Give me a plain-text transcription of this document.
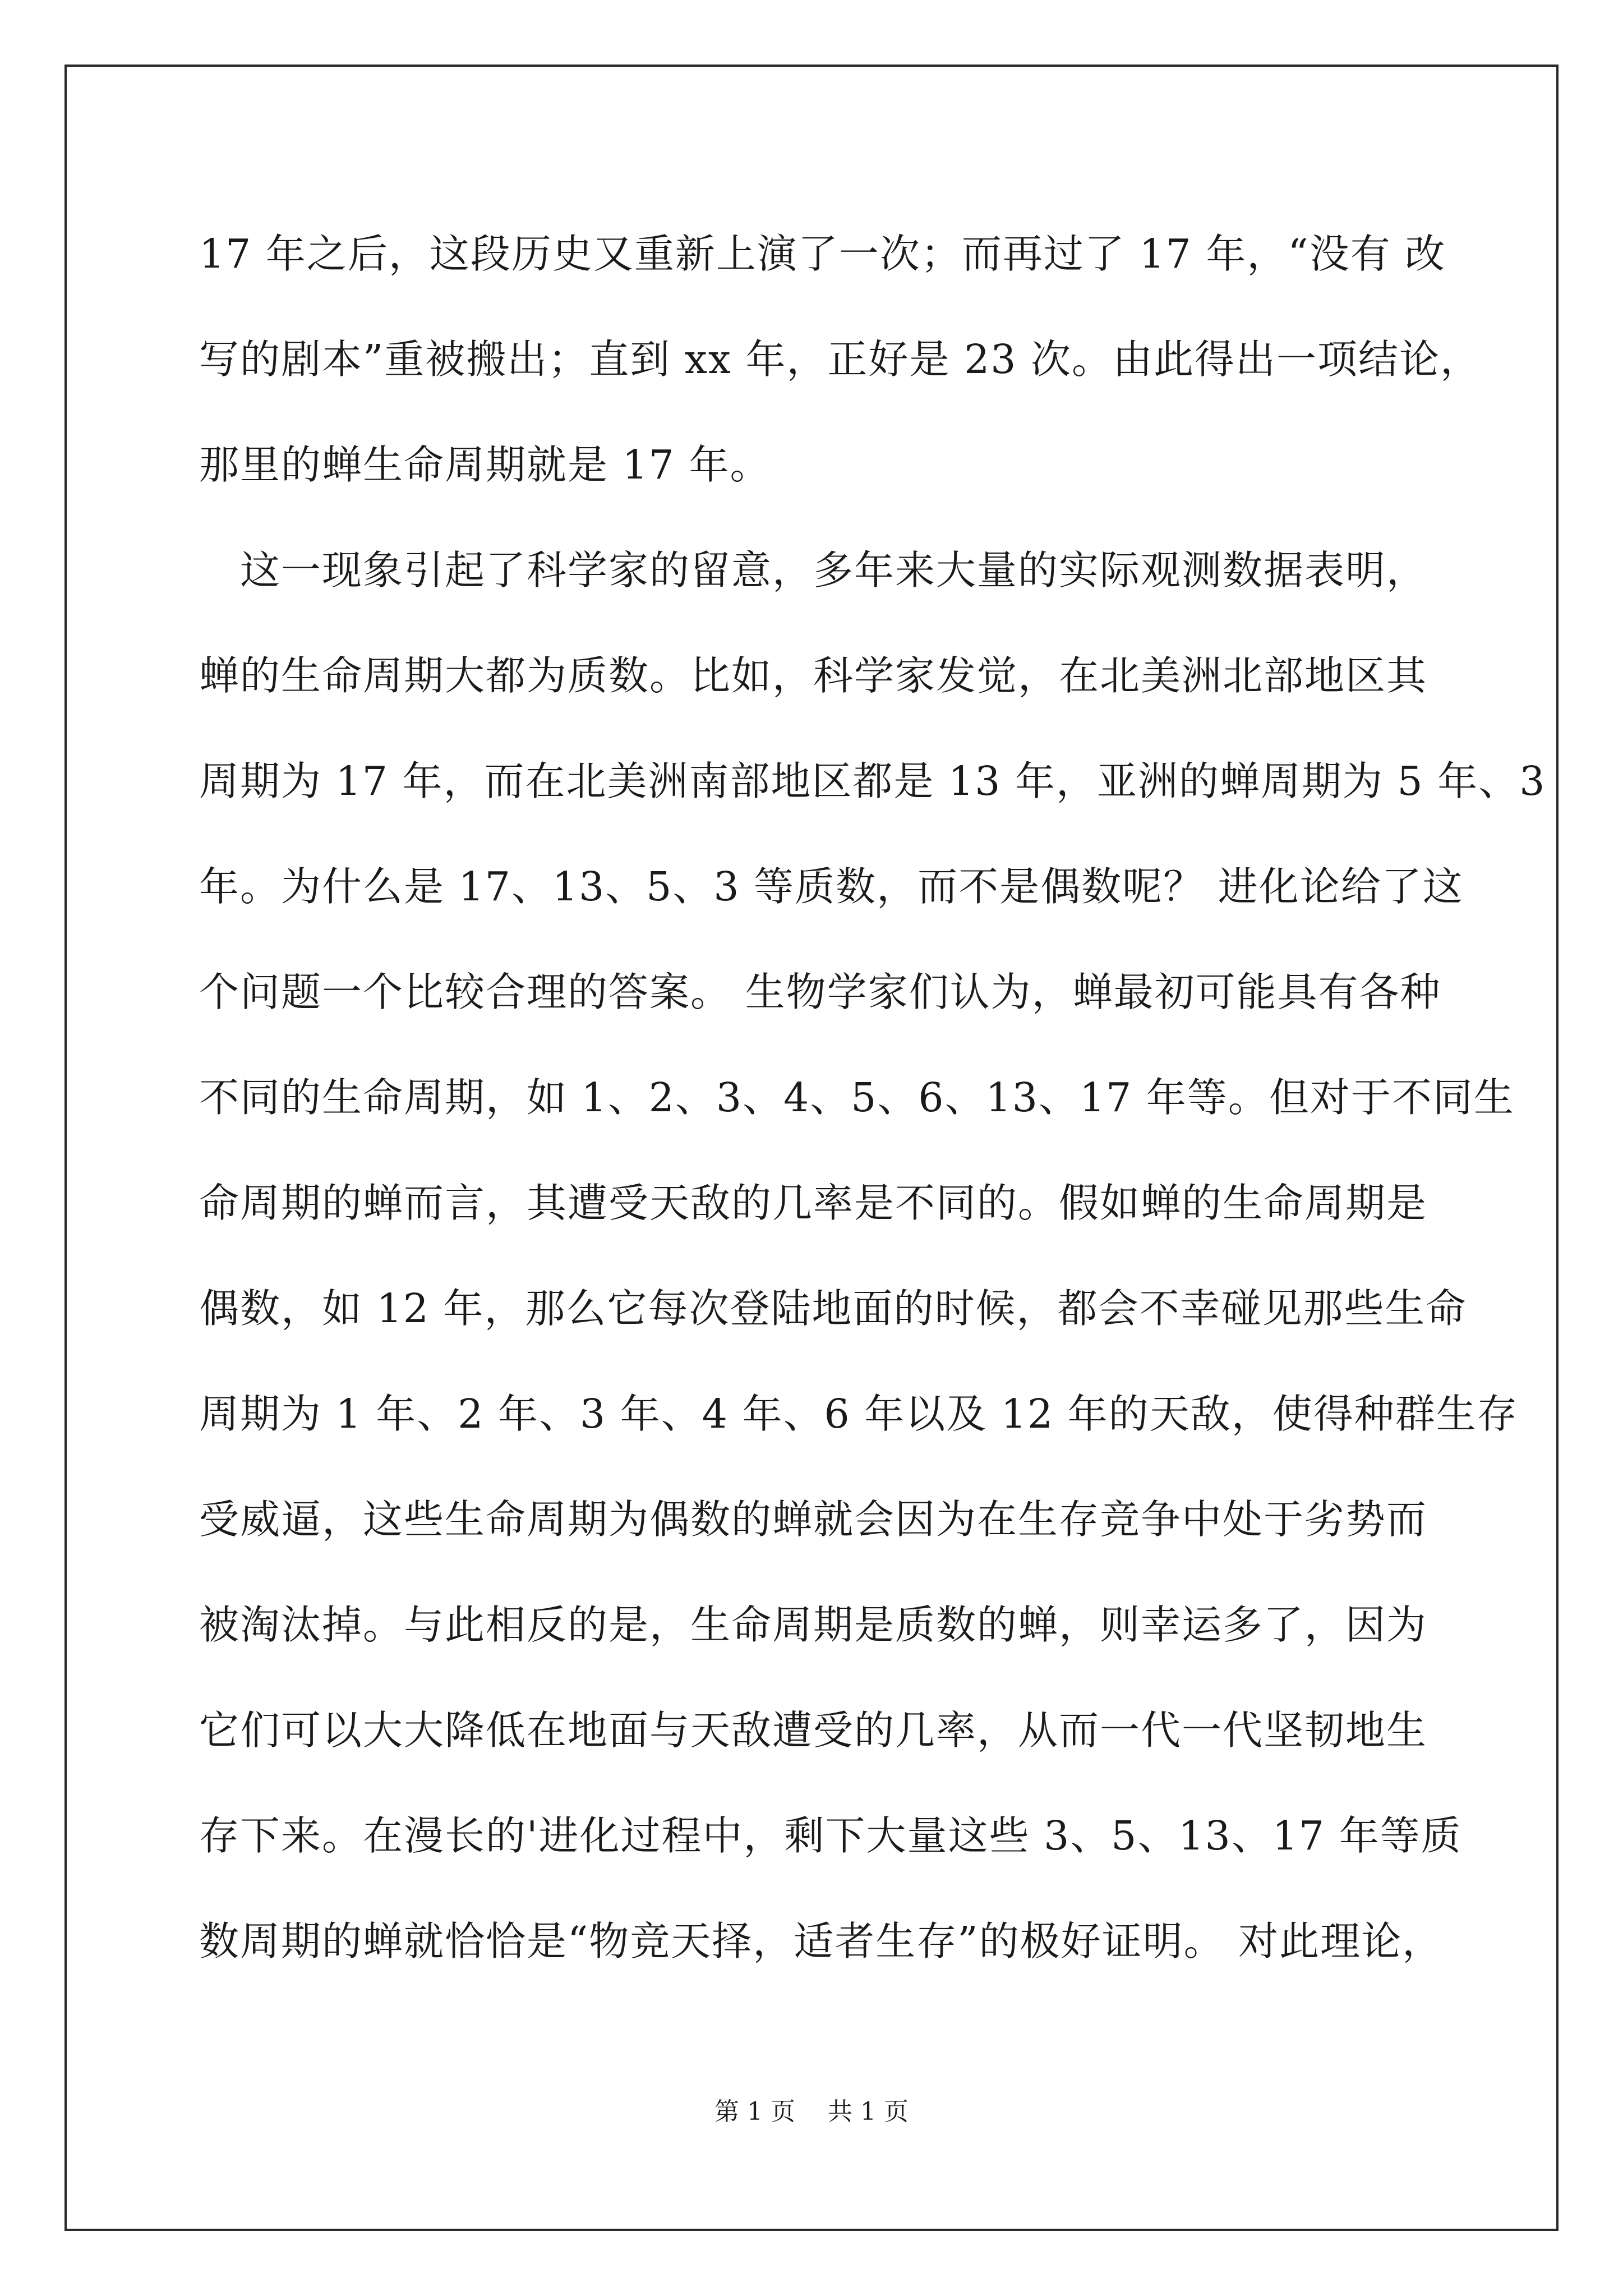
17 年之后，这段历史又重新上演了一次；而再过了 17 年，“没有 改

写的剧本”重被搬出；直到 xx 年，正好是 23 次。由此得出一项结论，

那里的蝉生命周期就是 17 年。

　这一现象引起了科学家的留意，多年来大量的实际观测数据表明，

蝉的生命周期大都为质数。比如，科学家发觉，在北美洲北部地区其

周期为 17 年，而在北美洲南部地区都是 13 年，亚洲的蝉周期为 5 年、3

年。为什么是 17、13、5、3 等质数，而不是偶数呢？ 进化论给了这

个问题一个比较合理的答案。 生物学家们认为，蝉最初可能具有各种

不同的生命周期，如 1、2、3、4、5、6、13、17 年等。但对于不同生

命周期的蝉而言，其遭受天敌的几率是不同的。假如蝉的生命周期是

偶数，如 12 年，那么它每次登陆地面的时候，都会不幸碰见那些生命

周期为 1 年、2 年、3 年、4 年、6 年以及 12 年的天敌，使得种群生存

受威逼，这些生命周期为偶数的蝉就会因为在生存竞争中处于劣势而

被淘汰掉。与此相反的是，生命周期是质数的蝉，则幸运多了，因为

它们可以大大降低在地面与天敌遭受的几率，从而一代一代坚韧地生

存下来。在漫长的'进化过程中，剩下大量这些 3、5、13、17 年等质

数周期的蝉就恰恰是“物竞天择，适者生存”的极好证明。 对此理论，

第 1 页　 共 1 页
